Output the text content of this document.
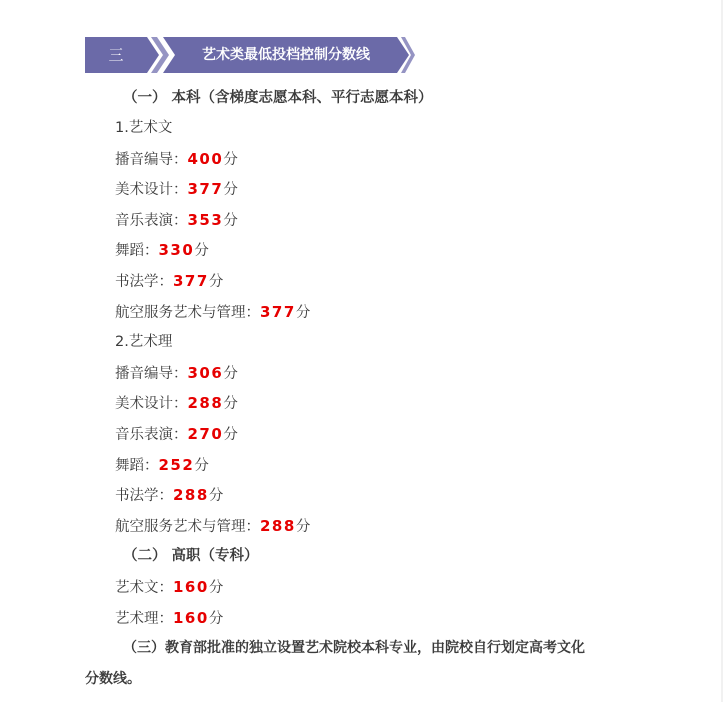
三	艺术类最低投档控制分数线
（一） 本科（含梯度志愿本科、平行志愿本科）
1.艺术文
播音编导：400分
美术设计：377分
音乐表演：353分
舞蹈：330分
书法学：377分
航空服务艺术与管理：377分
2.艺术理
播音编导：306分
美术设计：288分
音乐表演：270分
舞蹈：252分
书法学：288分
航空服务艺术与管理：288分
（二） 高职（专科）
艺术文：160分
艺术理：160分
（三）教育部批准的独立设置艺术院校本科专业，由院校自行划定高考文化
分数线。
